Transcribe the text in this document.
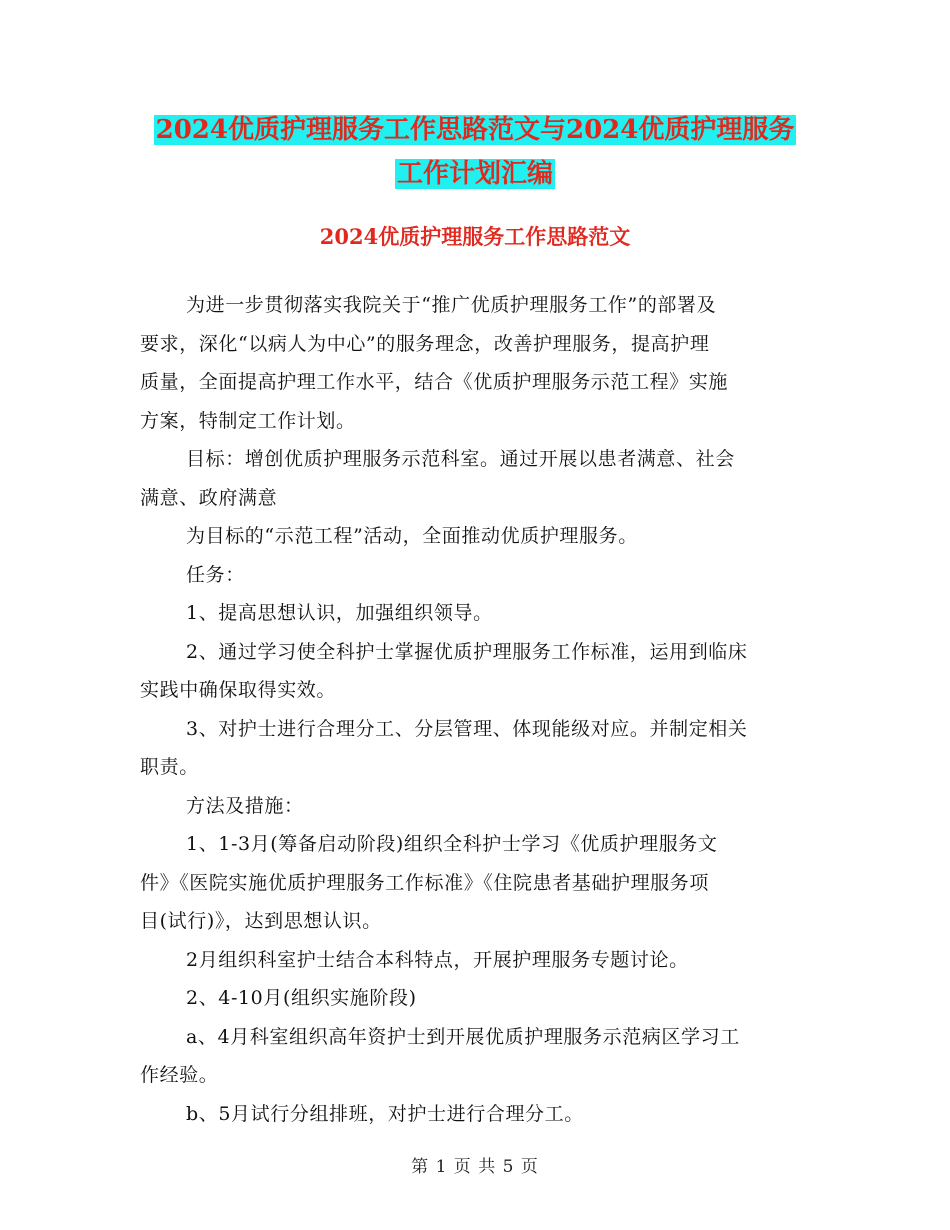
2024优质护理服务工作思路范文与2024优质护理服务
工作计划汇编
2024优质护理服务工作思路范文
为进一步贯彻落实我院关于“推广优质护理服务工作”的部署及
要求，深化“以病人为中心”的服务理念，改善护理服务，提高护理
质量，全面提高护理工作水平，结合《优质护理服务示范工程》实施
方案，特制定工作计划。
目标：增创优质护理服务示范科室。通过开展以患者满意、社会
满意、政府满意
为目标的“示范工程”活动，全面推动优质护理服务。
任务：
1、提高思想认识，加强组织领导。
2、通过学习使全科护士掌握优质护理服务工作标准，运用到临床
实践中确保取得实效。
3、对护士进行合理分工、分层管理、体现能级对应。并制定相关
职责。
方法及措施：
1、1-3月(筹备启动阶段)组织全科护士学习《优质护理服务文
件》《医院实施优质护理服务工作标准》《住院患者基础护理服务项
目(试行)》，达到思想认识。
2月组织科室护士结合本科特点，开展护理服务专题讨论。
2、4-10月(组织实施阶段)
a、4月科室组织高年资护士到开展优质护理服务示范病区学习工
作经验。
b、5月试行分组排班，对护士进行合理分工。
第 1 页 共 5 页
